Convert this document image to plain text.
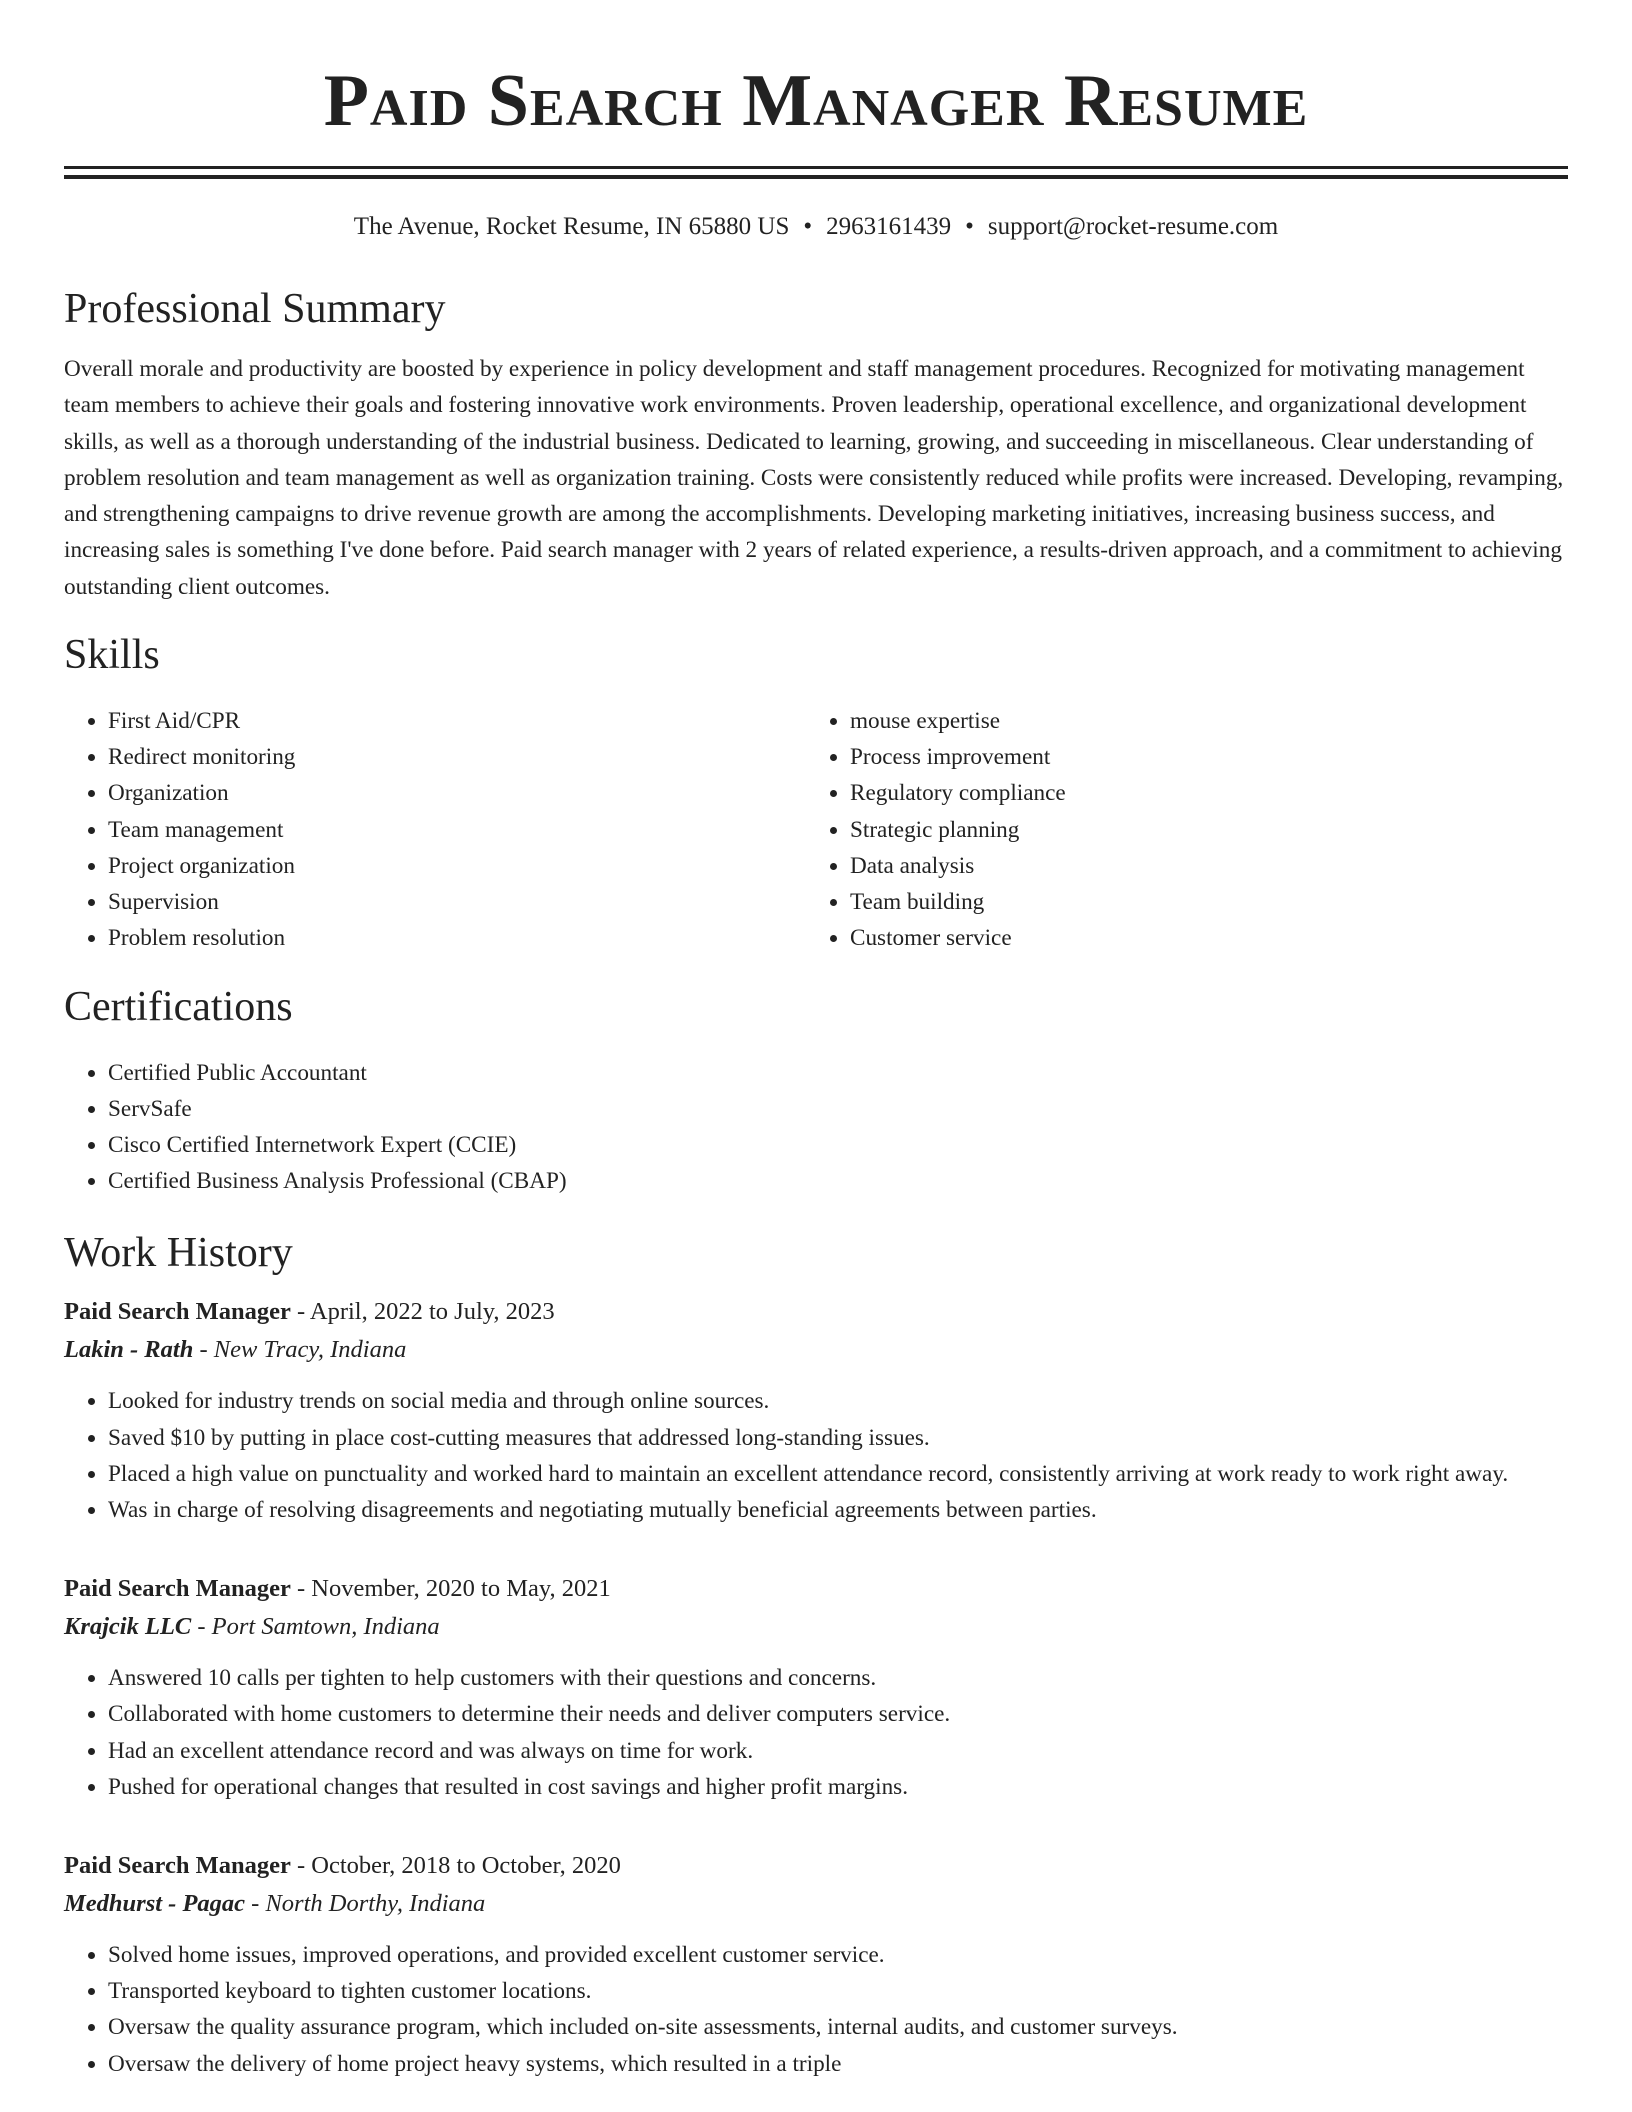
Paid Search Manager Resume
The Avenue, Rocket Resume, IN 65880 US • 2963161439 • support@rocket-resume.com
Professional Summary
Overall morale and productivity are boosted by experience in policy development and staff management procedures. Recognized for motivating management team members to achieve their goals and fostering innovative work environments. Proven leadership, operational excellence, and organizational development skills, as well as a thorough understanding of the industrial business. Dedicated to learning, growing, and succeeding in miscellaneous. Clear understanding of problem resolution and team management as well as organization training. Costs were consistently reduced while profits were increased. Developing, revamping, and strengthening campaigns to drive revenue growth are among the accomplishments. Developing marketing initiatives, increasing business success, and increasing sales is something I've done before. Paid search manager with 2 years of related experience, a results-driven approach, and a commitment to achieving outstanding client outcomes.
Skills
• First Aid/CPR
• Redirect monitoring
• Organization
• Team management
• Project organization
• Supervision
• Problem resolution
• mouse expertise
• Process improvement
• Regulatory compliance
• Strategic planning
• Data analysis
• Team building
• Customer service
Certifications
• Certified Public Accountant
• ServSafe
• Cisco Certified Internetwork Expert (CCIE)
• Certified Business Analysis Professional (CBAP)
Work History
Paid Search Manager - April, 2022 to July, 2023
Lakin - Rath - New Tracy, Indiana
• Looked for industry trends on social media and through online sources.
• Saved $10 by putting in place cost-cutting measures that addressed long-standing issues.
• Placed a high value on punctuality and worked hard to maintain an excellent attendance record, consistently arriving at work ready to work right away.
• Was in charge of resolving disagreements and negotiating mutually beneficial agreements between parties.
Paid Search Manager - November, 2020 to May, 2021
Krajcik LLC - Port Samtown, Indiana
• Answered 10 calls per tighten to help customers with their questions and concerns.
• Collaborated with home customers to determine their needs and deliver computers service.
• Had an excellent attendance record and was always on time for work.
• Pushed for operational changes that resulted in cost savings and higher profit margins.
Paid Search Manager - October, 2018 to October, 2020
Medhurst - Pagac - North Dorthy, Indiana
• Solved home issues, improved operations, and provided excellent customer service.
• Transported keyboard to tighten customer locations.
• Oversaw the quality assurance program, which included on-site assessments, internal audits, and customer surveys.
• Oversaw the delivery of home project heavy systems, which resulted in a triple
